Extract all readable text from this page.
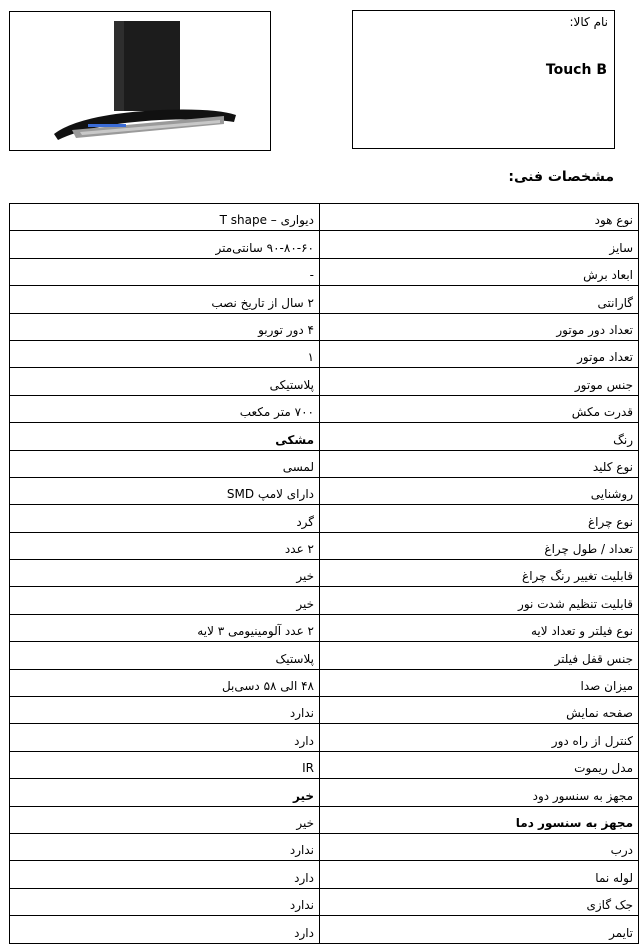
نام کالا:
Touch B
مشخصات فنی:
نوع هود	دیواری – T shape
سایز	۹۰-۸۰-۶۰ سانتی‌متر
ابعاد برش	-
گارانتی	۲ سال از تاریخ نصب
تعداد دور موتور	۴ دور توربو
تعداد موتور	۱
جنس موتور	پلاستیکی
قدرت مکش	۷۰۰ متر مکعب
رنگ	مشکی
نوع کلید	لمسی
روشنایی	دارای لامپ SMD
نوع چراغ	گرد
تعداد / طول چراغ	۲ عدد
قابلیت تغییر رنگ چراغ	خیر
قابلیت تنظیم شدت نور	خیر
نوع فیلتر و تعداد لایه	۲ عدد آلومینیومی ۳ لایه
جنس قفل فیلتر	پلاستیک
میزان صدا	۴۸ الی ۵۸ دسی‌بل
صفحه نمایش	ندارد
کنترل از راه دور	دارد
مدل ریموت	IR
مجهز به سنسور دود	خیر
مجهز به سنسور دما	خیر
درب	ندارد
لوله نما	دارد
جک گازی	ندارد
تایمر	دارد
